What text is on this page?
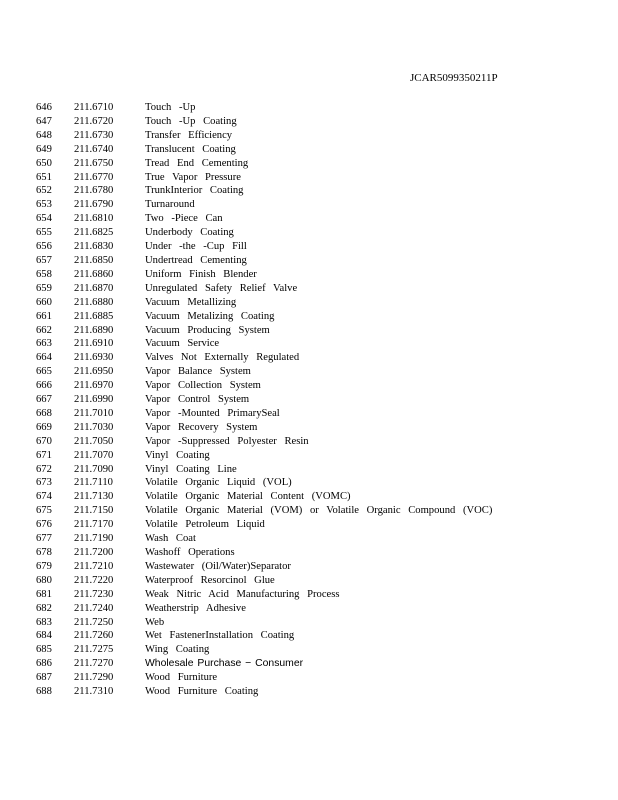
JCAR5099350211P
646 211.6710	Touch -Up
647 211.6720	Touch -Up Coating
648 211.6730	Transfer Efficiency
649 211.6740	Translucent Coating
650 211.6750	Tread End Cementing
651 211.6770	True Vapor Pressure
652 211.6780	TrunkInterior Coating
653 211.6790	Turnaround
654 211.6810	Two -Piece Can
655 211.6825	Underbody Coating
656 211.6830	Under -the -Cup Fill
657 211.6850	Undertread Cementing
658 211.6860	Uniform Finish Blender
659 211.6870	Unregulated Safety Relief Valve
660 211.6880	Vacuum Metallizing
661 211.6885	Vacuum Metalizing Coating
662 211.6890	Vacuum Producing System
663 211.6910	Vacuum Service
664 211.6930	Valves Not Externally Regulated
665 211.6950	Vapor Balance System
666 211.6970	Vapor Collection System
667 211.6990	Vapor Control System
668 211.7010	Vapor -Mounted PrimarySeal
669 211.7030	Vapor Recovery System
670 211.7050	Vapor -Suppressed Polyester Resin
671 211.7070	Vinyl Coating
672 211.7090	Vinyl Coating Line
673 211.7110	Volatile Organic Liquid (VOL)
674 211.7130	Volatile Organic Material Content (VOMC)
675 211.7150	Volatile Organic Material (VOM) or Volatile Organic Compound (VOC)
676 211.7170	Volatile Petroleum Liquid
677 211.7190	Wash Coat
678 211.7200	Washoff Operations
679 211.7210	Wastewater (Oil/Water)Separator
680 211.7220	Waterproof Resorcinol Glue
681 211.7230	Weak Nitric Acid Manufacturing Process
682 211.7240	Weatherstrip Adhesive
683 211.7250	Web
684 211.7260	Wet FastenerInstallation Coating
685 211.7275	Wing Coating
686 211.7270	Wholesale Purchase − Consumer
687 211.7290	Wood Furniture
688 211.7310	Wood Furniture Coating
